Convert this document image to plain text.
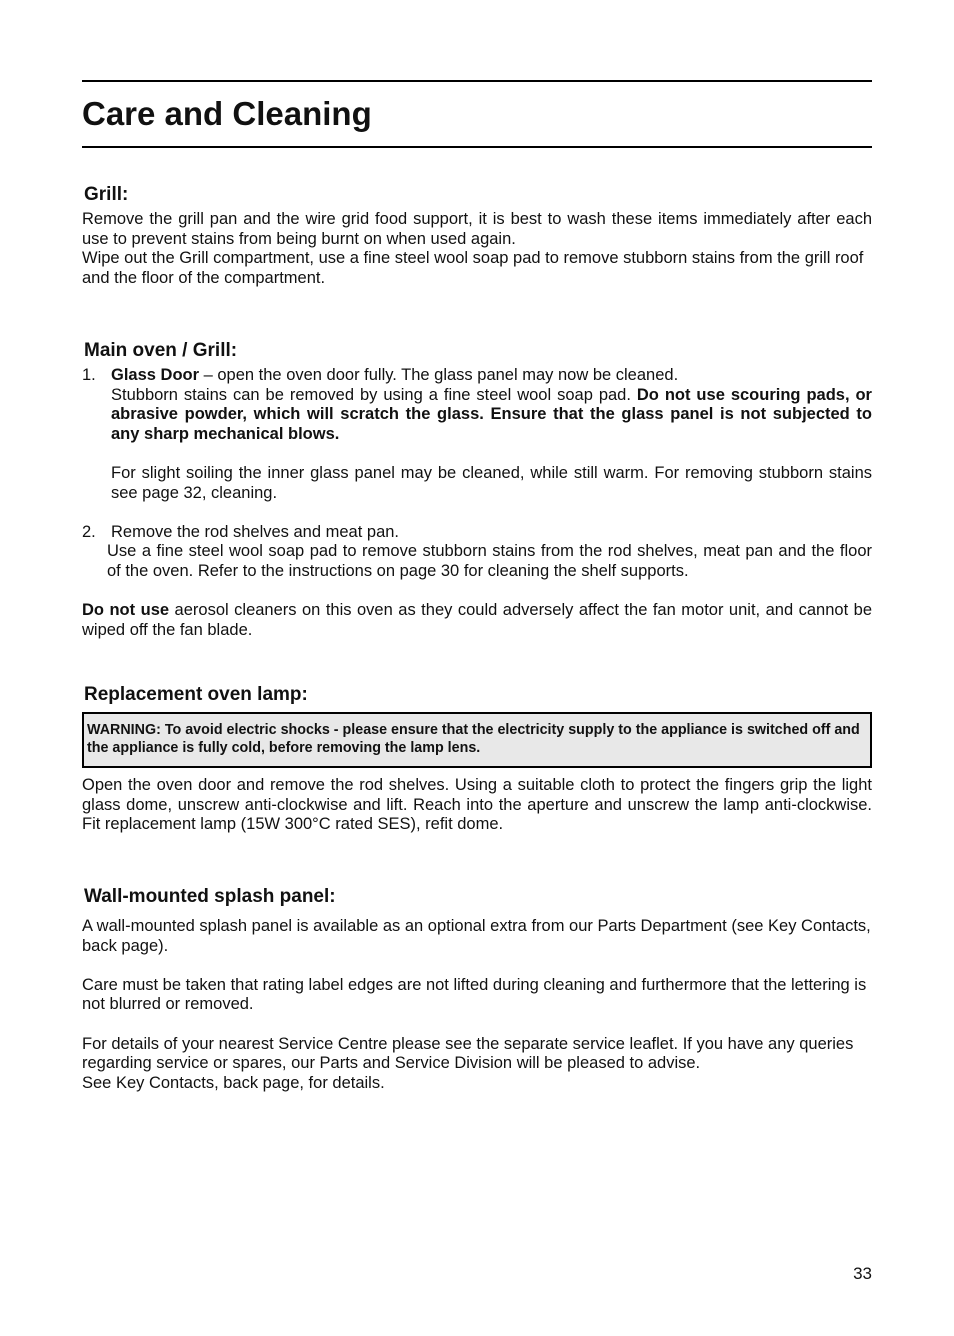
Care and Cleaning
Grill:

Remove the grill pan and the wire grid food support, it is best to wash these items immediately after each use to prevent stains from being burnt on when used again.

Wipe out the Grill compartment, use a fine steel wool soap pad to remove stubborn stains from the grill roof and the floor of the compartment.

Main oven / Grill:
1. Glass Door – open the oven door fully. The glass panel may now be cleaned.

Stubborn stains can be removed by using a fine steel wool soap pad. Do not use scouring pads, or abrasive powder, which will scratch the glass. Ensure that the glass panel is not subjected to any sharp mechanical blows.

For slight soiling the inner glass panel may be cleaned, while still warm. For removing stubborn stains see page 32, cleaning.

2. Remove the rod shelves and meat pan.

Use a fine steel wool soap pad to remove stubborn stains from the rod shelves, meat pan and the floor of the oven. Refer to the instructions on page 30 for cleaning the shelf supports.

Do not use aerosol cleaners on this oven as they could adversely affect the fan motor unit, and cannot be wiped off the fan blade.

Replacement oven lamp:
WARNING: To avoid electric shocks - please ensure that the electricity supply to the appliance is switched off and the appliance is fully cold, before removing the lamp lens.

Open the oven door and remove the rod shelves. Using a suitable cloth to protect the fingers grip the light glass dome, unscrew anti-clockwise and lift. Reach into the aperture and unscrew the lamp anti-clockwise. Fit replacement lamp (15W 300°C rated SES), refit dome.

Wall-mounted splash panel:

A wall-mounted splash panel is available as an optional extra from our Parts Department (see Key Contacts, back page).

Care must be taken that rating label edges are not lifted during cleaning and furthermore that the lettering is not blurred or removed.

For details of your nearest Service Centre please see the separate service leaflet. If you have any queries regarding service or spares, our Parts and Service Division will be pleased to advise.

See Key Contacts, back page, for details.

33
